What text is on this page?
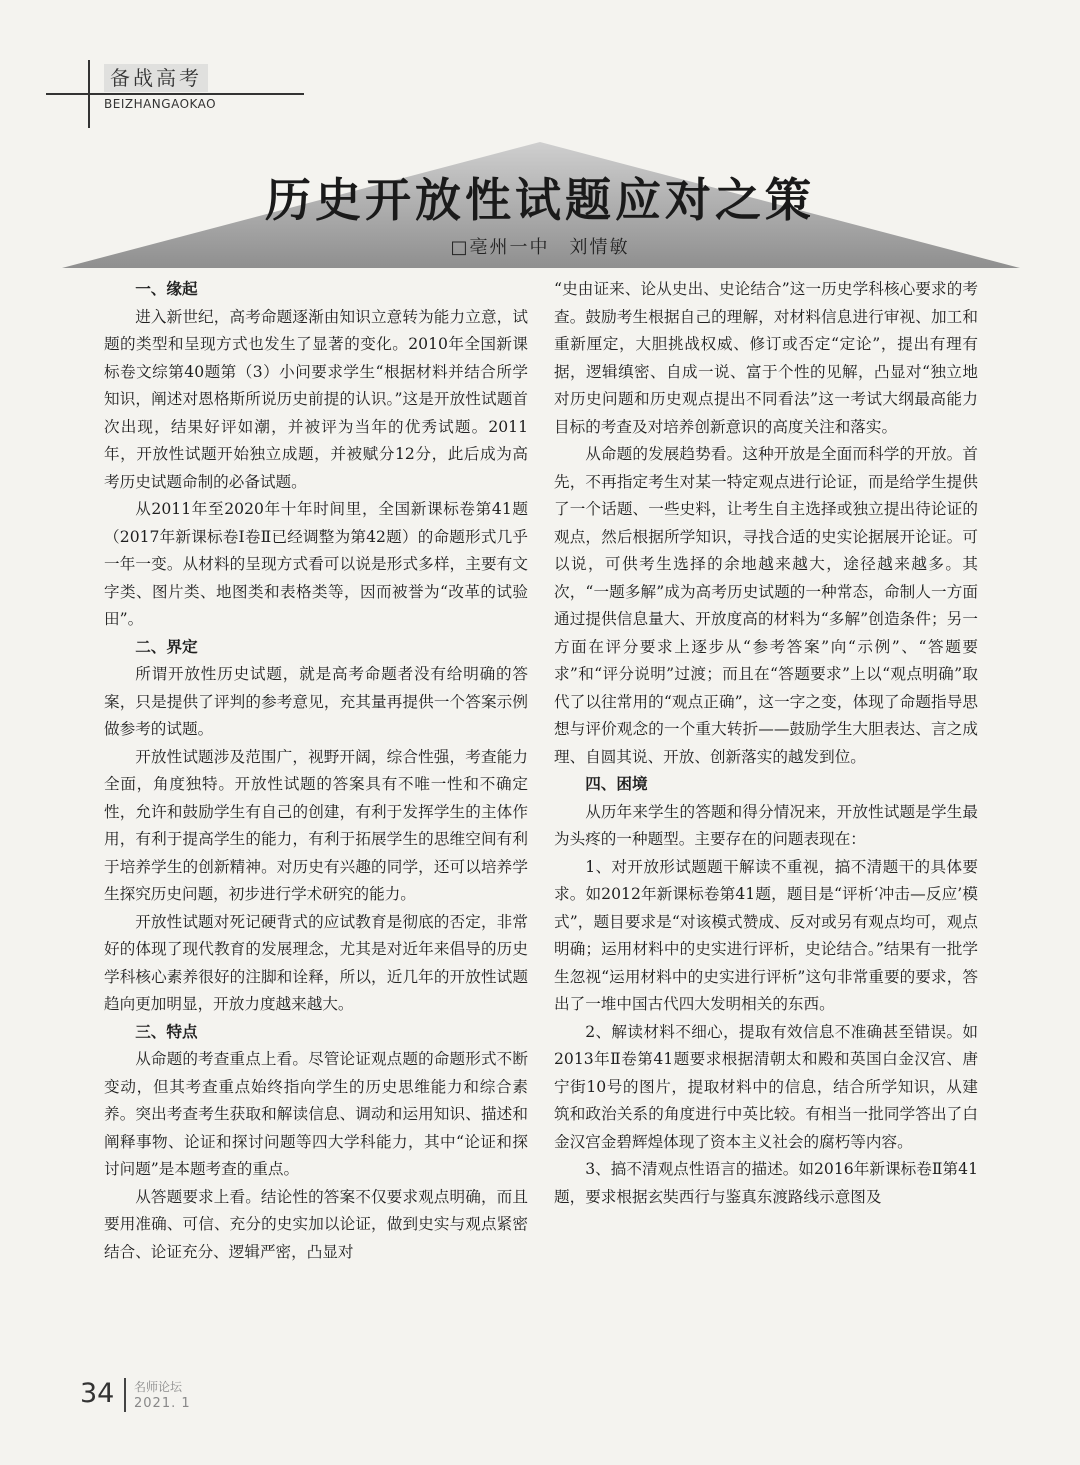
备战高考
BEIZHANGAOKAO
历史开放性试题应对之策
□亳州一中　刘情敏
一、缘起

进入新世纪，高考命题逐渐由知识立意转为能力立意，试题的类型和呈现方式也发生了显著的变化。2010年全国新课标卷文综第40题第（3）小问要求学生“根据材料并结合所学知识，阐述对恩格斯所说历史前提的认识。”这是开放性试题首次出现，结果好评如潮，并被评为当年的优秀试题。2011年，开放性试题开始独立成题，并被赋分12分，此后成为高考历史试题命制的必备试题。

从2011年至2020年十年时间里，全国新课标卷第41题（2017年新课标卷Ⅰ卷Ⅱ已经调整为第42题）的命题形式几乎一年一变。从材料的呈现方式看可以说是形式多样，主要有文字类、图片类、地图类和表格类等，因而被誉为“改革的试验田”。

二、界定

所谓开放性历史试题，就是高考命题者没有给明确的答案，只是提供了评判的参考意见，充其量再提供一个答案示例做参考的试题。

开放性试题涉及范围广，视野开阔，综合性强，考查能力全面，角度独特。开放性试题的答案具有不唯一性和不确定性，允许和鼓励学生有自己的创建，有利于发挥学生的主体作用，有利于提高学生的能力，有利于拓展学生的思维空间有利于培养学生的创新精神。对历史有兴趣的同学，还可以培养学生探究历史问题，初步进行学术研究的能力。

开放性试题对死记硬背式的应试教育是彻底的否定，非常好的体现了现代教育的发展理念，尤其是对近年来倡导的历史学科核心素养很好的注脚和诠释，所以，近几年的开放性试题趋向更加明显，开放力度越来越大。

三、特点

从命题的考查重点上看。尽管论证观点题的命题形式不断变动，但其考查重点始终指向学生的历史思维能力和综合素养。突出考查考生获取和解读信息、调动和运用知识、描述和阐释事物、论证和探讨问题等四大学科能力，其中“论证和探讨问题”是本题考查的重点。

从答题要求上看。结论性的答案不仅要求观点明确，而且要用准确、可信、充分的史实加以论证，做到史实与观点紧密结合、论证充分、逻辑严密，凸显对

“史由证来、论从史出、史论结合”这一历史学科核心要求的考查。鼓励考生根据自己的理解，对材料信息进行审视、加工和重新厘定，大胆挑战权威、修订或否定“定论”，提出有理有据，逻辑缜密、自成一说、富于个性的见解，凸显对“独立地对历史问题和历史观点提出不同看法”这一考试大纲最高能力目标的考查及对培养创新意识的高度关注和落实。

从命题的发展趋势看。这种开放是全面而科学的开放。首先，不再指定考生对某一特定观点进行论证，而是给学生提供了一个话题、一些史料，让考生自主选择或独立提出待论证的观点，然后根据所学知识，寻找合适的史实论据展开论证。可以说，可供考生选择的余地越来越大，途径越来越多。其次，“一题多解”成为高考历史试题的一种常态，命制人一方面通过提供信息量大、开放度高的材料为“多解”创造条件；另一方面在评分要求上逐步从“参考答案”向“示例”、“答题要求”和“评分说明”过渡；而且在“答题要求”上以“观点明确”取代了以往常用的“观点正确”，这一字之变，体现了命题指导思想与评价观念的一个重大转折——鼓励学生大胆表达、言之成理、自圆其说、开放、创新落实的越发到位。

四、困境

从历年来学生的答题和得分情况来，开放性试题是学生最为头疼的一种题型。主要存在的问题表现在：

1、对开放形试题题干解读不重视，搞不清题干的具体要求。如2012年新课标卷第41题，题目是“评析‘冲击—反应’模式”，题目要求是“对该模式赞成、反对或另有观点均可，观点明确；运用材料中的史实进行评析，史论结合。”结果有一批学生忽视“运用材料中的史实进行评析”这句非常重要的要求，答出了一堆中国古代四大发明相关的东西。

2、解读材料不细心，提取有效信息不准确甚至错误。如2013年Ⅱ卷第41题要求根据清朝太和殿和英国白金汉宫、唐宁街10号的图片，提取材料中的信息，结合所学知识，从建筑和政治关系的角度进行中英比较。有相当一批同学答出了白金汉宫金碧辉煌体现了资本主义社会的腐朽等内容。

3、搞不清观点性语言的描述。如2016年新课标卷Ⅱ第41题，要求根据玄奘西行与鉴真东渡路线示意图及

34 名师论坛
2021. 1
